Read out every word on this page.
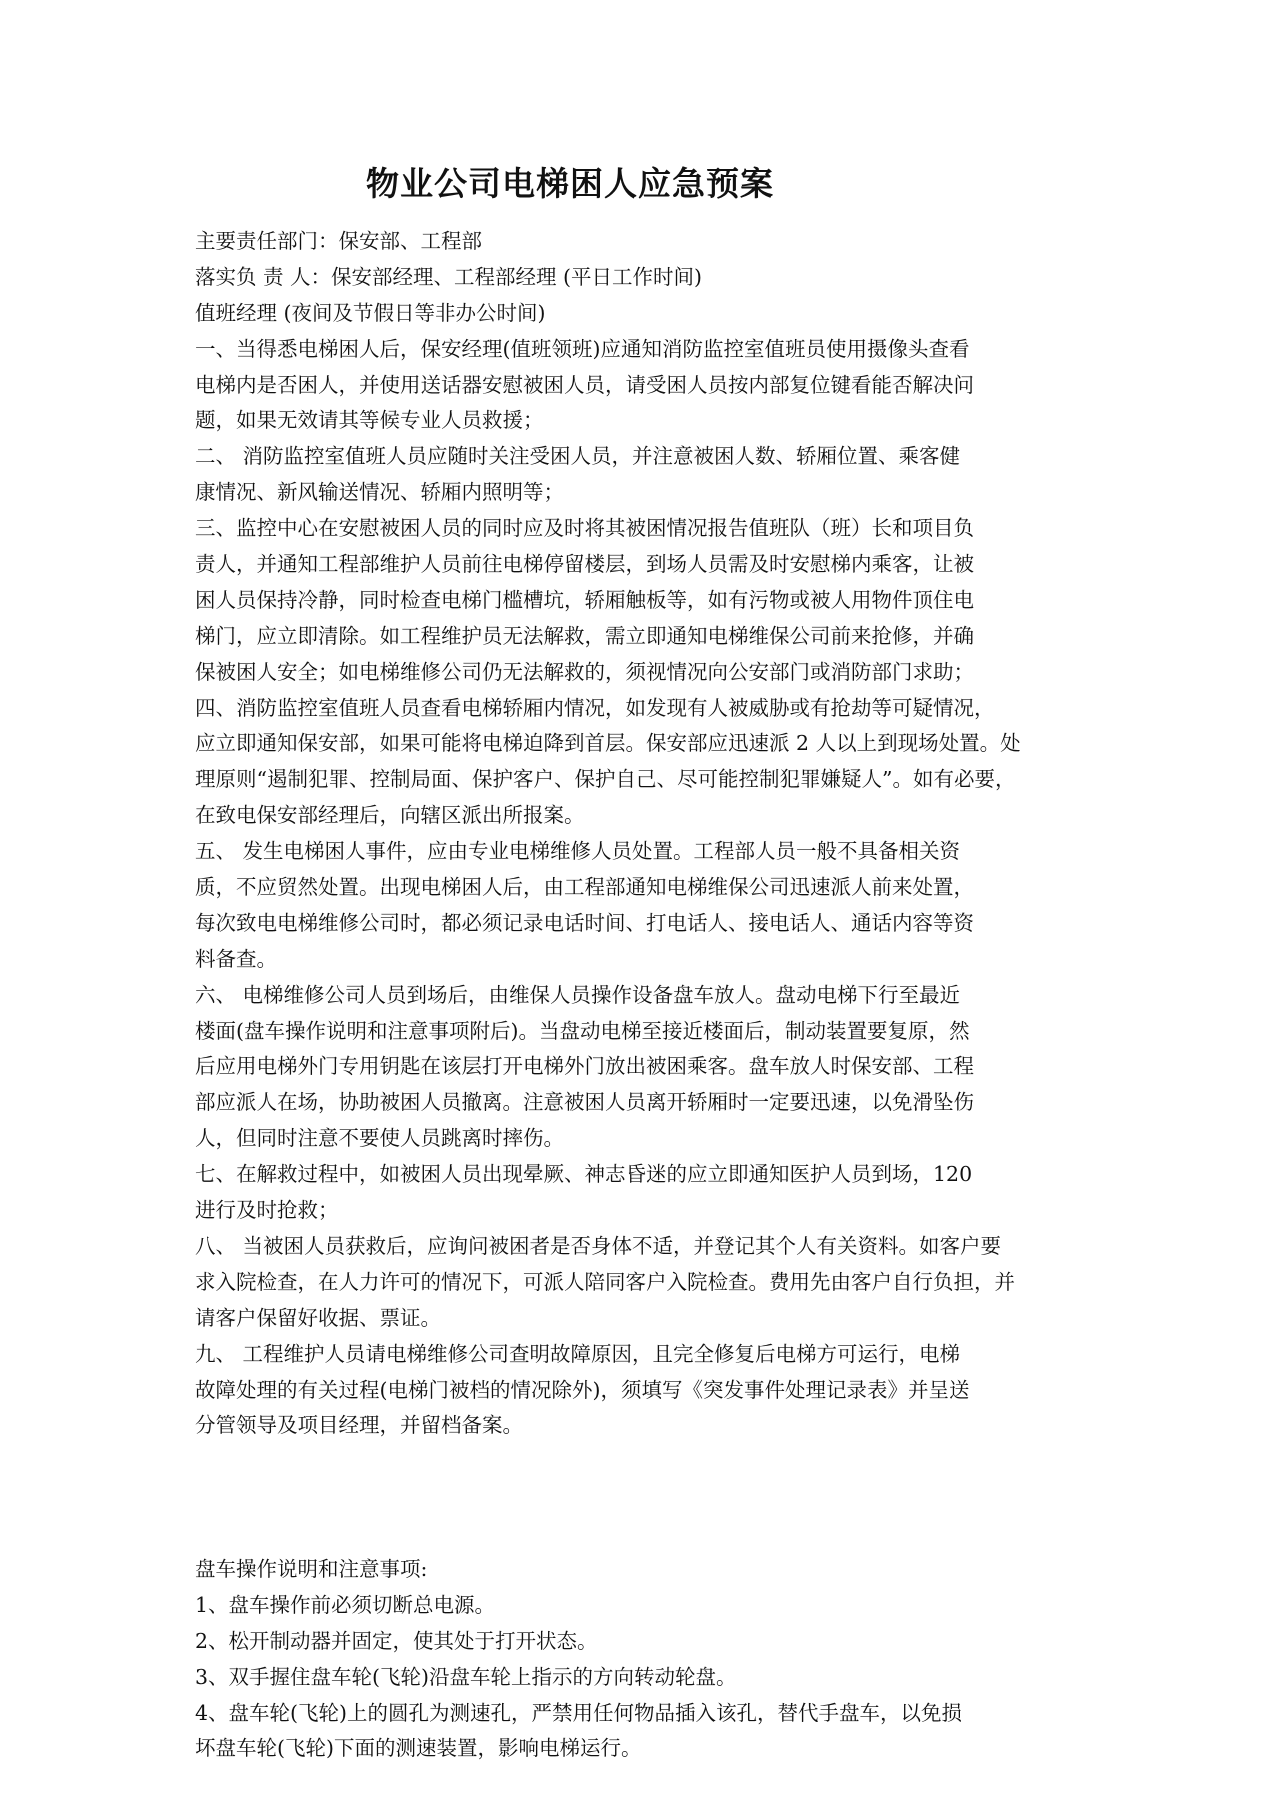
物业公司电梯困人应急预案
主要责任部门：保安部、工程部
落实负 责 人：保安部经理、工程部经理 (平日工作时间)
值班经理 (夜间及节假日等非办公时间)
一、当得悉电梯困人后，保安经理(值班领班)应通知消防监控室值班员使用摄像头查看
电梯内是否困人，并使用送话器安慰被困人员，请受困人员按内部复位键看能否解决问
题，如果无效请其等候专业人员救援；
二、 消防监控室值班人员应随时关注受困人员，并注意被困人数、轿厢位置、乘客健
康情况、新风输送情况、轿厢内照明等；
三、监控中心在安慰被困人员的同时应及时将其被困情况报告值班队（班）长和项目负
责人，并通知工程部维护人员前往电梯停留楼层，到场人员需及时安慰梯内乘客，让被
困人员保持冷静，同时检查电梯门槛槽坑，轿厢触板等，如有污物或被人用物件顶住电
梯门，应立即清除。如工程维护员无法解救，需立即通知电梯维保公司前来抢修，并确
保被困人安全；如电梯维修公司仍无法解救的，须视情况向公安部门或消防部门求助；
四、消防监控室值班人员查看电梯轿厢内情况，如发现有人被威胁或有抢劫等可疑情况，
应立即通知保安部，如果可能将电梯迫降到首层。保安部应迅速派 2 人以上到现场处置。处
理原则“遏制犯罪、控制局面、保护客户、保护自己、尽可能控制犯罪嫌疑人”。如有必要，
在致电保安部经理后，向辖区派出所报案。
五、 发生电梯困人事件，应由专业电梯维修人员处置。工程部人员一般不具备相关资
质，不应贸然处置。出现电梯困人后，由工程部通知电梯维保公司迅速派人前来处置，
每次致电电梯维修公司时，都必须记录电话时间、打电话人、接电话人、通话内容等资
料备查。
六、 电梯维修公司人员到场后，由维保人员操作设备盘车放人。盘动电梯下行至最近
楼面(盘车操作说明和注意事项附后)。当盘动电梯至接近楼面后，制动装置要复原，然
后应用电梯外门专用钥匙在该层打开电梯外门放出被困乘客。盘车放人时保安部、工程
部应派人在场，协助被困人员撤离。注意被困人员离开轿厢时一定要迅速，以免滑坠伤
人，但同时注意不要使人员跳离时摔伤。
七、在解救过程中，如被困人员出现晕厥、神志昏迷的应立即通知医护人员到场，120
进行及时抢救；
八、 当被困人员获救后，应询问被困者是否身体不适，并登记其个人有关资料。如客户要
求入院检查，在人力许可的情况下，可派人陪同客户入院检查。费用先由客户自行负担，并
请客户保留好收据、票证。
九、 工程维护人员请电梯维修公司查明故障原因，且完全修复后电梯方可运行，电梯
故障处理的有关过程(电梯门被档的情况除外)，须填写《突发事件处理记录表》并呈送
分管领导及项目经理，并留档备案。
盘车操作说明和注意事项:
1、盘车操作前必须切断总电源。
2、松开制动器并固定，使其处于打开状态。
3、双手握住盘车轮(飞轮)沿盘车轮上指示的方向转动轮盘。
4、盘车轮(飞轮)上的圆孔为测速孔，严禁用任何物品插入该孔，替代手盘车，以免损
坏盘车轮(飞轮)下面的测速装置，影响电梯运行。
